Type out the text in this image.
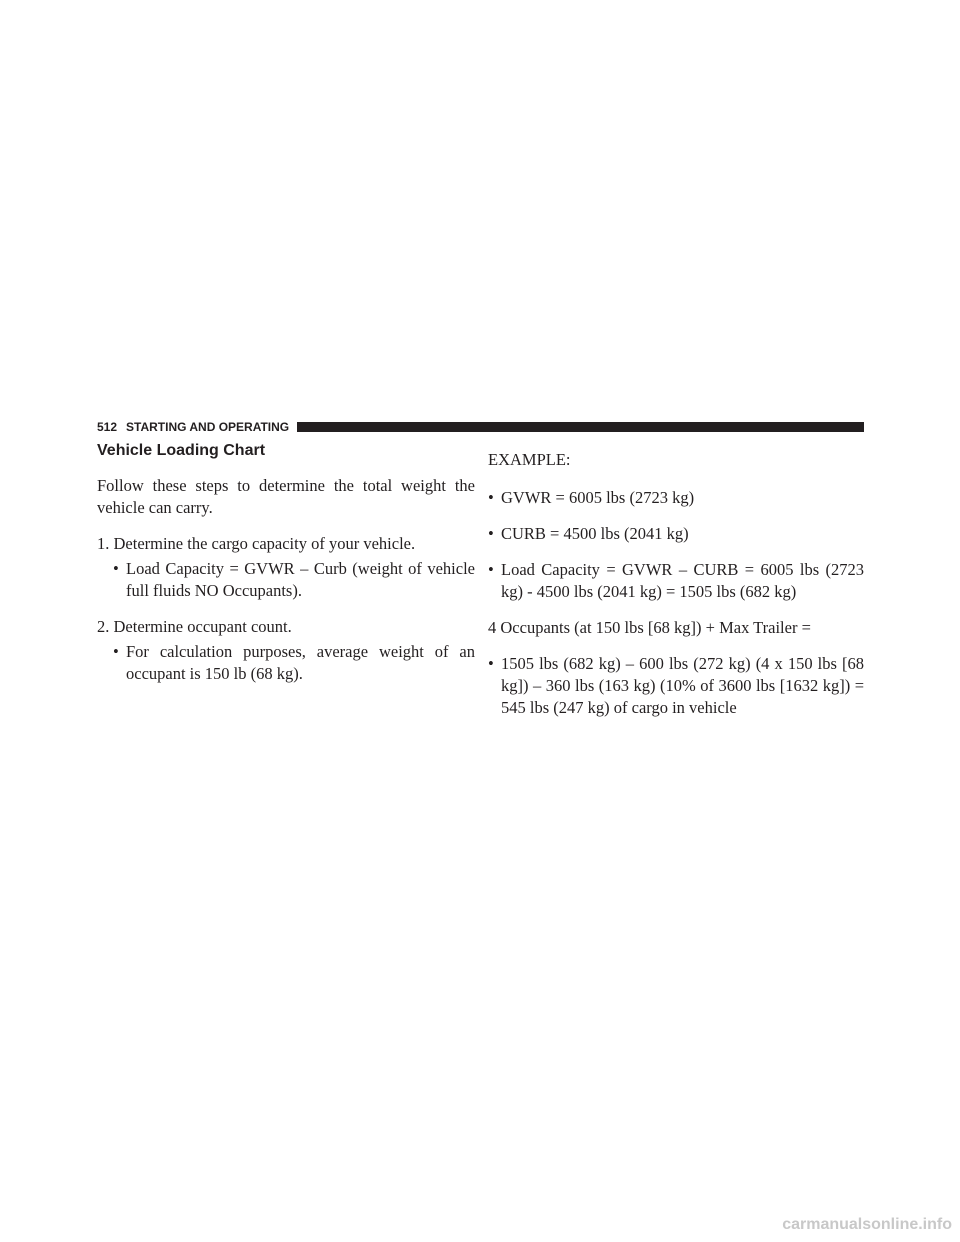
512 STARTING AND OPERATING
Vehicle Loading Chart

Follow these steps to determine the total weight the vehicle can carry.

1. Determine the cargo capacity of your vehicle.
• Load Capacity = GVWR – Curb (weight of vehicle full fluids NO Occupants).
2. Determine occupant count.
• For calculation purposes, average weight of an occupant is 150 lb (68 kg).
EXAMPLE:
• GVWR = 6005 lbs (2723 kg)
• CURB = 4500 lbs (2041 kg)
• Load Capacity = GVWR – CURB = 6005 lbs (2723 kg) - 4500 lbs (2041 kg) = 1505 lbs (682 kg)
4 Occupants (at 150 lbs [68 kg]) + Max Trailer =
• 1505 lbs (682 kg) – 600 lbs (272 kg) (4 x 150 lbs [68 kg]) – 360 lbs (163 kg) (10% of 3600 lbs [1632 kg]) = 545 lbs (247 kg) of cargo in vehicle
carmanualsonline.info
